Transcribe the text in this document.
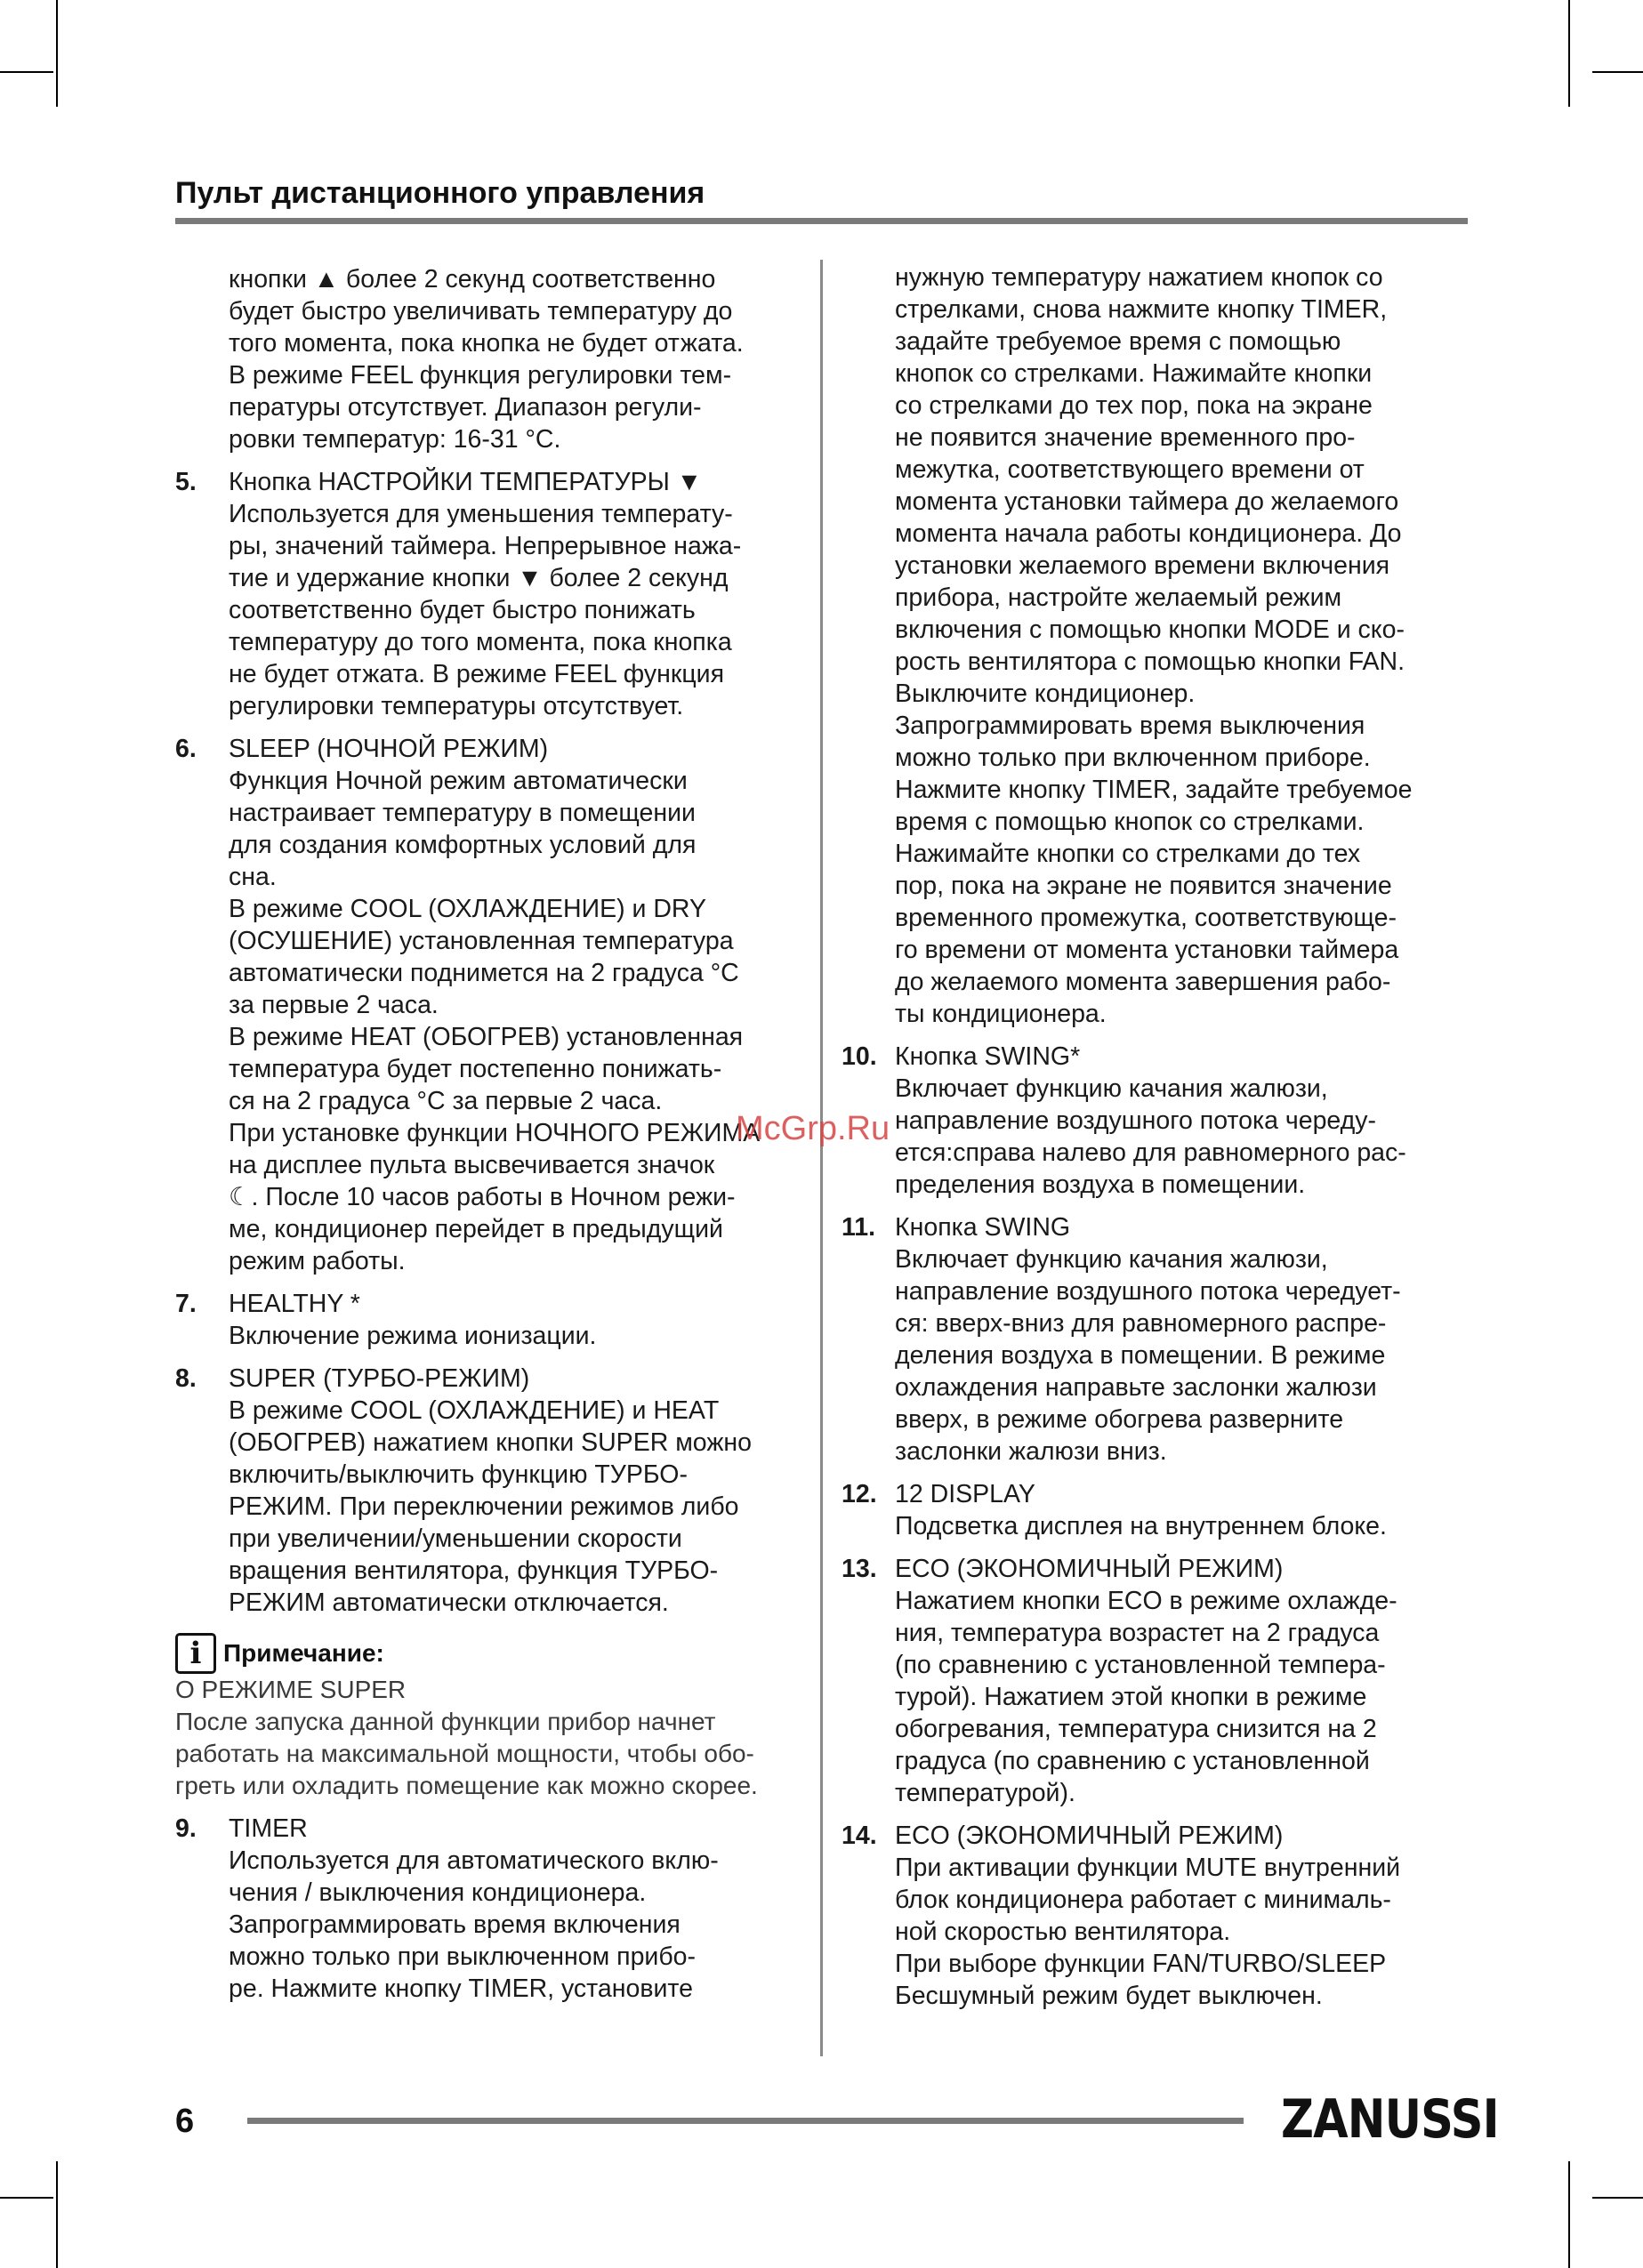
Пульт дистанционного управления
кнопки ▲ более 2 секунд соответственно
будет быстро увеличивать температуру до
того момента, пока кнопка не будет отжата.
В режиме FEEL функция регулировки тем-
пературы отсутствует. Диапазон регули-
ровки температур: 16-31 °C.
5. Кнопка НАСТРОЙКИ ТЕМПЕРАТУРЫ ▼
Используется для уменьшения температу-
ры, значений таймера. Непрерывное нажа-
тие и удержание кнопки ▼ более 2 секунд
соответственно будет быстро понижать
температуру до того момента, пока кнопка
не будет отжата. В режиме FEEL функция
регулировки температуры отсутствует.
6. SLEEP (НОЧНОЙ РЕЖИМ)
Функция Ночной режим автоматически
настраивает температуру в помещении
для создания комфортных условий для
сна.
В режиме COOL (ОХЛАЖДЕНИЕ) и DRY
(ОСУШЕНИЕ) установленная температура
автоматически поднимется на 2 градуса °C
за первые 2 часа.
В режиме HEAT (ОБОГРЕВ) установленная
температура будет постепенно понижать-
ся на 2 градуса °C за первые 2 часа.
При установке функции НОЧНОГО РЕЖИМА
на дисплее пульта высвечивается значок
☾. После 10 часов работы в Ночном режи-
ме, кондиционер перейдет в предыдущий
режим работы.
7. HEALTHY *
Включение режима ионизации.
8. SUPER (ТУРБО-РЕЖИМ)
В режиме COOL (ОХЛАЖДЕНИЕ) и HEAT
(ОБОГРЕВ) нажатием кнопки SUPER можно
включить/выключить функцию ТУРБО-
РЕЖИМ. При переключении режимов либо
при увеличении/уменьшении скорости
вращения вентилятора, функция ТУРБО-
РЕЖИМ автоматически отключается.
i Примечание:
О РЕЖИМЕ SUPER
После запуска данной функции прибор начнет
работать на максимальной мощности, чтобы обо-
греть или охладить помещение как можно скорее.
9. TIMER
Используется для автоматического вклю-
чения / выключения кондиционера.
Запрограммировать время включения
можно только при выключенном прибо-
ре. Нажмите кнопку TIMER, установите
нужную температуру нажатием кнопок со
стрелками, снова нажмите кнопку TIMER,
задайте требуемое время с помощью
кнопок со стрелками. Нажимайте кнопки
со стрелками до тех пор, пока на экране
не появится значение временного про-
межутка, соответствующего времени от
момента установки таймера до желаемого
момента начала работы кондиционера. До
установки желаемого времени включения
прибора, настройте желаемый режим
включения с помощью кнопки MODE и ско-
рость вентилятора с помощью кнопки FAN.
Выключите кондиционер.
Запрограммировать время выключения
можно только при включенном приборе.
Нажмите кнопку TIMER, задайте требуемое
время с помощью кнопок со стрелками.
Нажимайте кнопки со стрелками до тех
пор, пока на экране не появится значение
временного промежутка, соответствующе-
го времени от момента установки таймера
до желаемого момента завершения рабо-
ты кондиционера.
10. Кнопка SWING*
Включает функцию качания жалюзи,
направление воздушного потока череду-
ется:справа налево для равномерного рас-
пределения воздуха в помещении.
11. Кнопка SWING
Включает функцию качания жалюзи,
направление воздушного потока чередует-
ся: вверх-вниз для равномерного распре-
деления воздуха в помещении. В режиме
охлаждения направьте заслонки жалюзи
вверх, в режиме обогрева разверните
заслонки жалюзи вниз.
12. 12 DISPLAY
Подсветка дисплея на внутреннем блоке.
13. ECO (ЭКОНОМИЧНЫЙ РЕЖИМ)
Нажатием кнопки ECO в режиме охлажде-
ния, температура возрастет на 2 градуса
(по сравнению с установленной темпера-
турой). Нажатием этой кнопки в режиме
обогревания, температура снизится на 2
градуса (по сравнению с установленной
температурой).
14. ECO (ЭКОНОМИЧНЫЙ РЕЖИМ)
При активации функции MUTE внутренний
блок кондиционера работает с минималь-
ной скоростью вентилятора.
При выборе функции FAN/TURBO/SLEEP
Бесшумный режим будет выключен.
McGrp.Ru
6	ZANUSSI
